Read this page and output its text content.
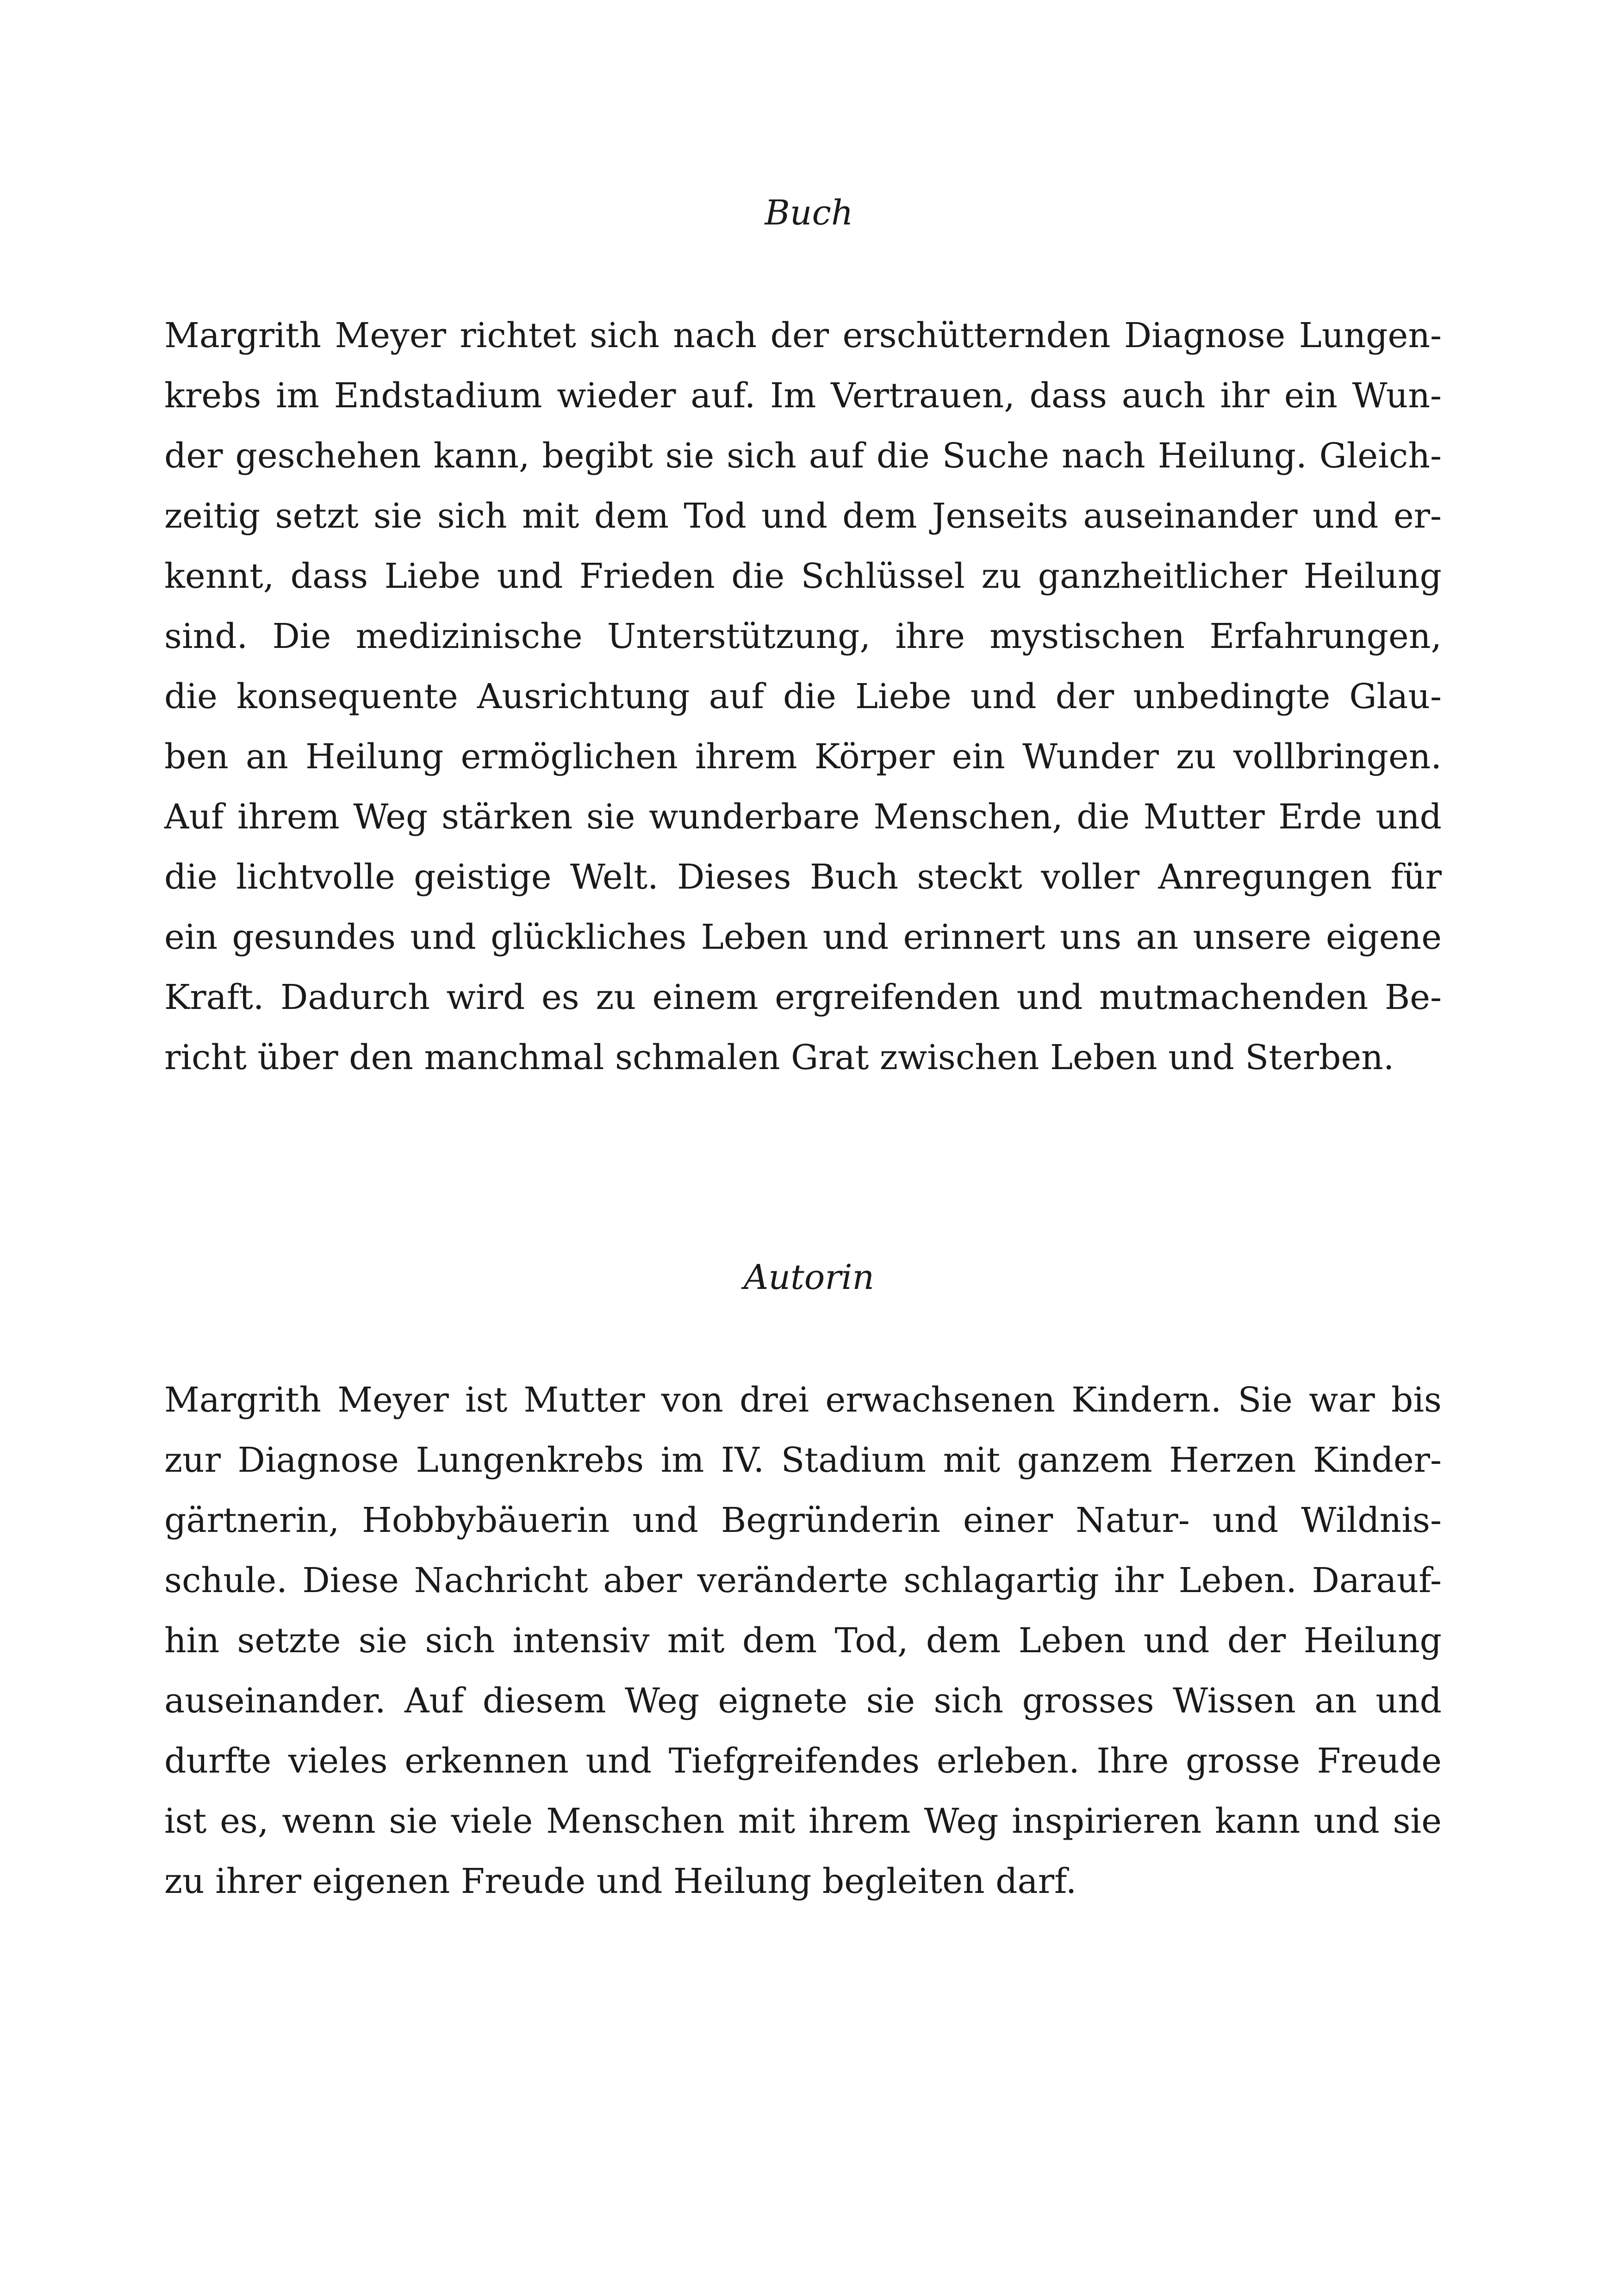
Buch
Margrith Meyer richtet sich nach der erschütternden Diagnose Lungen-
krebs im Endstadium wieder auf. Im Vertrauen, dass auch ihr ein Wun-
der geschehen kann, begibt sie sich auf die Suche nach Heilung. Gleich-
zeitig setzt sie sich mit dem Tod und dem Jenseits auseinander und er-
kennt, dass Liebe und Frieden die Schlüssel zu ganzheitlicher Heilung
sind. Die medizinische Unterstützung, ihre mystischen Erfahrungen,
die konsequente Ausrichtung auf die Liebe und der unbedingte Glau-
ben an Heilung ermöglichen ihrem Körper ein Wunder zu vollbringen.
Auf ihrem Weg stärken sie wunderbare Menschen, die Mutter Erde und
die lichtvolle geistige Welt. Dieses Buch steckt voller Anregungen für
ein gesundes und glückliches Leben und erinnert uns an unsere eigene
Kraft. Dadurch wird es zu einem ergreifenden und mutmachenden Be-
richt über den manchmal schmalen Grat zwischen Leben und Sterben.
Autorin
Margrith Meyer ist Mutter von drei erwachsenen Kindern. Sie war bis
zur Diagnose Lungenkrebs im IV. Stadium mit ganzem Herzen Kinder-
gärtnerin, Hobbybäuerin und Begründerin einer Natur- und Wildnis-
schule. Diese Nachricht aber veränderte schlagartig ihr Leben. Darauf-
hin setzte sie sich intensiv mit dem Tod, dem Leben und der Heilung
auseinander. Auf diesem Weg eignete sie sich grosses Wissen an und
durfte vieles erkennen und Tiefgreifendes erleben. Ihre grosse Freude
ist es, wenn sie viele Menschen mit ihrem Weg inspirieren kann und sie
zu ihrer eigenen Freude und Heilung begleiten darf.
